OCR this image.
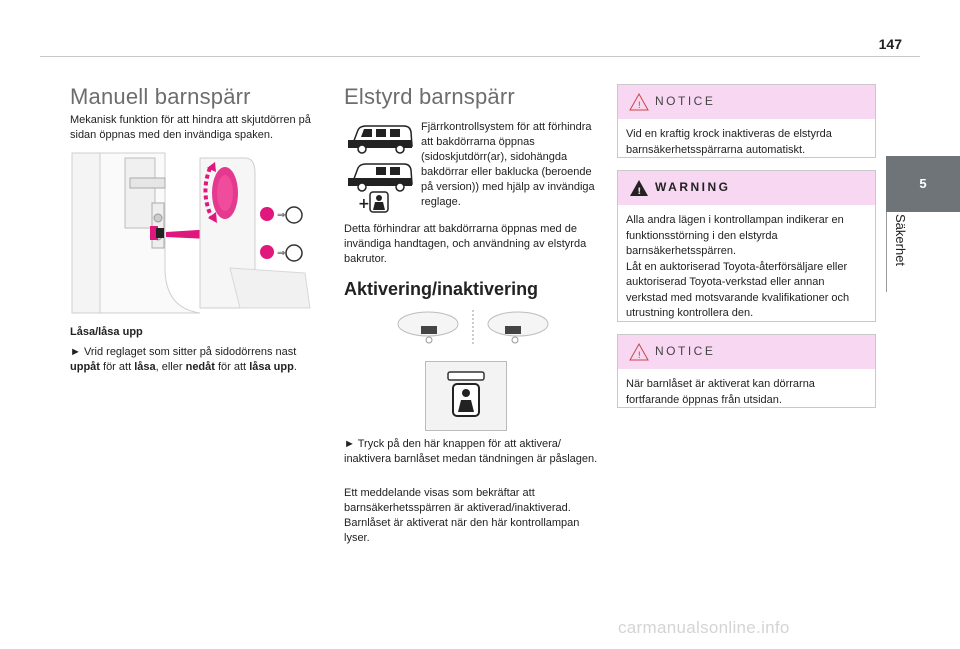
147
5
Säkerhet
Manuell barnspärr
Mekanisk funktion för att hindra att skjutdörren på sidan öppnas med den invändiga spaken.
⇒
⇒
Låsa/låsa upp
► Vrid reglaget som sitter på sidodörrens nast uppåt för att låsa, eller nedåt för att låsa upp.
Elstyrd barnspärr
+
Fjärrkontrollsystem för att förhindra att bakdörrarna öppnas (sidoskjutdörr(ar), sidohängda bakdörrar eller baklucka (beroende på version)) med hjälp av invändiga reglage.
Detta förhindrar att bakdörrarna öppnas med de invändiga handtagen, och användning av elstyrda bakrutor.
Aktivering/inaktivering
► Tryck på den här knappen för att aktivera/ inaktivera barnlåset medan tändningen är påslagen.
Ett meddelande visas som bekräftar att barnsäkerhetsspärren är aktiverad/inaktiverad.
Barnlåset är aktiverat när den här kontrollampan lyser.
! NOTICE
Vid en kraftig krock inaktiveras de elstyrda barnsäkerhetsspärrarna automatiskt.
! WARNING
Alla andra lägen i kontrollampan indikerar en funktionsstörning i den elstyrda barnsäkerhetsspärren.
Låt en auktoriserad Toyota-återförsäljare eller auktoriserad Toyota-verkstad eller annan verkstad med motsvarande kvalifikationer och utrustning kontrollera den.
! NOTICE
När barnlåset är aktiverat kan dörrarna fortfarande öppnas från utsidan.
carmanualsonline.info
